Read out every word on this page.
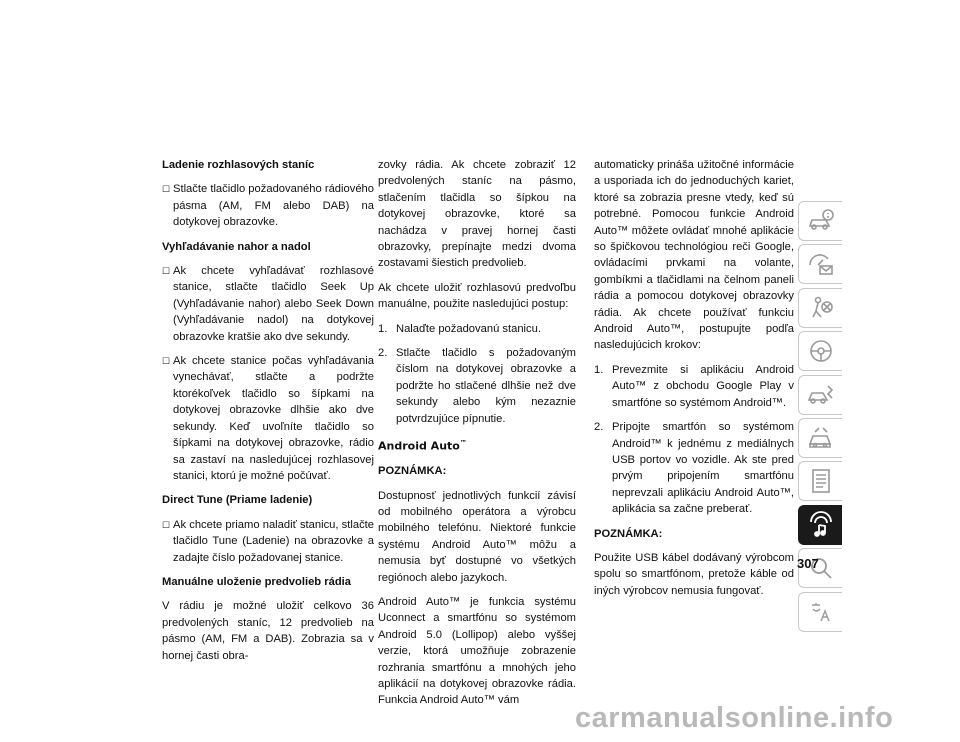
Ladenie rozhlasových staníc

☐ Stlačte tlačidlo požadovaného rádiového pásma (AM, FM alebo DAB) na dotykovej obrazovke.

Vyhľadávanie nahor a nadol

☐ Ak chcete vyhľadávať rozhlasové stanice, stlačte tlačidlo Seek Up (Vyhľadávanie nahor) alebo Seek Down (Vyhľadávanie nadol) na dotykovej obrazovke kratšie ako dve sekundy.
☐ Ak chcete stanice počas vyhľadávania vynechávať, stlačte a podržte ktorékoľvek tlačidlo so šípkami na dotykovej obrazovke dlhšie ako dve sekundy. Keď uvoľníte tlačidlo so šípkami na dotykovej obrazovke, rádio sa zastaví na nasledujúcej rozhlasovej stanici, ktorú je možné počúvať.

Direct Tune (Priame ladenie)

☐ Ak chcete priamo naladiť stanicu, stlačte tlačidlo Tune (Ladenie) na obrazovke a zadajte číslo požadovanej stanice.

Manuálne uloženie predvolieb rádia

V rádiu je možné uložiť celkovo 36 predvolených staníc, 12 predvolieb na pásmo (AM, FM a DAB). Zobrazia sa v hornej časti obra-

zovky rádia. Ak chcete zobraziť 12 predvolených staníc na pásmo, stlačením tlačidla so šípkou na dotykovej obrazovke, ktoré sa nachádza v pravej hornej časti obrazovky, prepínajte medzi dvoma zostavami šiestich predvolieb.

Ak chcete uložiť rozhlasovú predvoľbu manuálne, použite nasledujúci postup:

1. Nalaďte požadovanú stanicu.
2. Stlačte tlačidlo s požadovaným číslom na dotykovej obrazovke a podržte ho stlačené dlhšie než dve sekundy alebo kým nezaznie potvrdzujúce pípnutie.

Android Auto™

POZNÁMKA:

Dostupnosť jednotlivých funkcií závisí od mobilného operátora a výrobcu mobilného telefónu. Niektoré funkcie systému Android Auto™ môžu a nemusia byť dostupné vo všetkých regiónoch alebo jazykoch.

Android Auto™ je funkcia systému Uconnect a smartfónu so systémom Android 5.0 (Lollipop) alebo vyššej verzie, ktorá umožňuje zobrazenie rozhrania smartfónu a mnohých jeho aplikácií na dotykovej obrazovke rádia. Funkcia Android Auto™ vám

automaticky prináša užitočné informácie a usporiada ich do jednoduchých kariet, ktoré sa zobrazia presne vtedy, keď sú potrebné. Pomocou funkcie Android Auto™ môžete ovládať mnohé aplikácie so špičkovou technológiou reči Google, ovládacími prvkami na volante, gombíkmi a tlačidlami na čelnom paneli rádia a pomocou dotykovej obrazovky rádia. Ak chcete používať funkciu Android Auto™, postupujte podľa nasledujúcich krokov:

1. Prevezmite si aplikáciu Android Auto™ z obchodu Google Play v smartfóne so systémom Android™.
2. Pripojte smartfón so systémom Android™ k jednému z mediálnych USB portov vo vozidle. Ak ste pred prvým pripojením smartfónu neprevzali aplikáciu Android Auto™, aplikácia sa začne preberať.

POZNÁMKA:

Použite USB kábel dodávaný výrobcom spolu so smartfónom, pretože káble od iných výrobcov nemusia fungovať.

307
carmanualsonline.info
